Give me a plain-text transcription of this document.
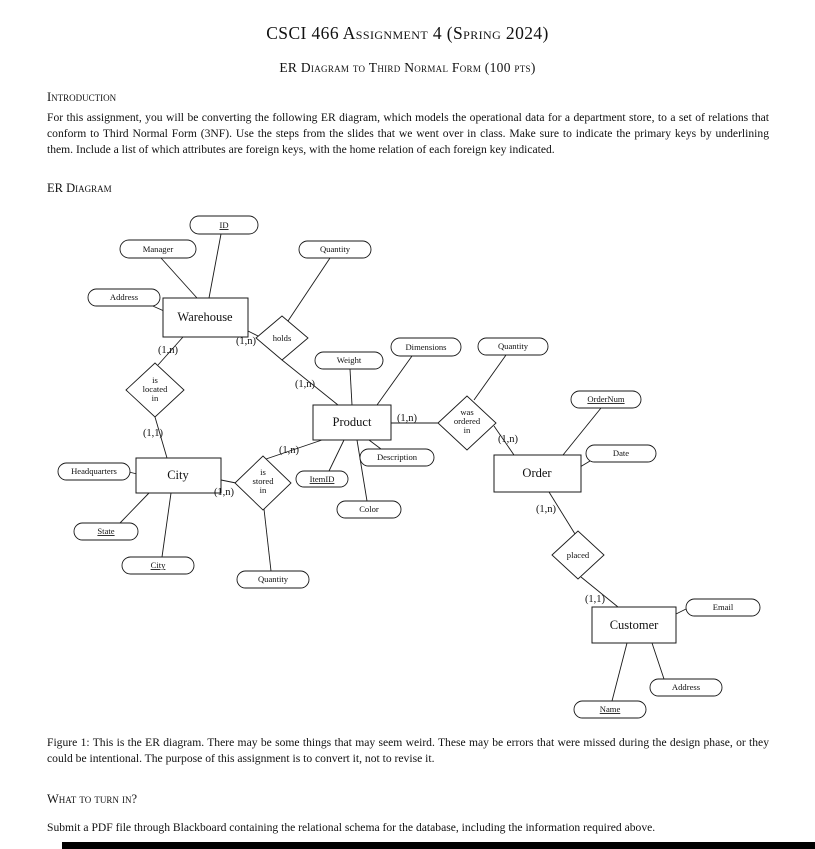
CSCI 466 Assignment 4 (Spring 2024)
ER Diagram to Third Normal Form (100 pts)
Introduction

For this assignment, you will be converting the following ER diagram, which models the operational data for a department store, to a set of relations that conform to Third Normal Form (3NF). Use the steps from the slides that we went over in class. Make sure to indicate the primary keys by underlining them. Include a list of which attributes are foreign keys, with the home relation of each foreign key indicated.

ER Diagram
holds
is
located
in
is
stored
in
was
ordered
in
placed
Warehouse
Product
City	Order
Customer
ID
Manager	Quantity
Address
Weight
Dimensions	Quantity
OrderNum
Date
Description
Headquarters
ItemID
Color
State
City
Quantity
Email
Address
Name
(1,n)
(1,n)
(1,n)
(1,1)
(1,n)
(1,n)
(1,n)
(1,n)
(1,n)
(1,1)

Figure 1: This is the ER diagram. There may be some things that may seem weird. These may be errors that were missed during the design phase, or they could be intentional. The purpose of this assignment is to convert it, not to revise it.

What to turn in?

Submit a PDF file through Blackboard containing the relational schema for the database, including the information required above.
